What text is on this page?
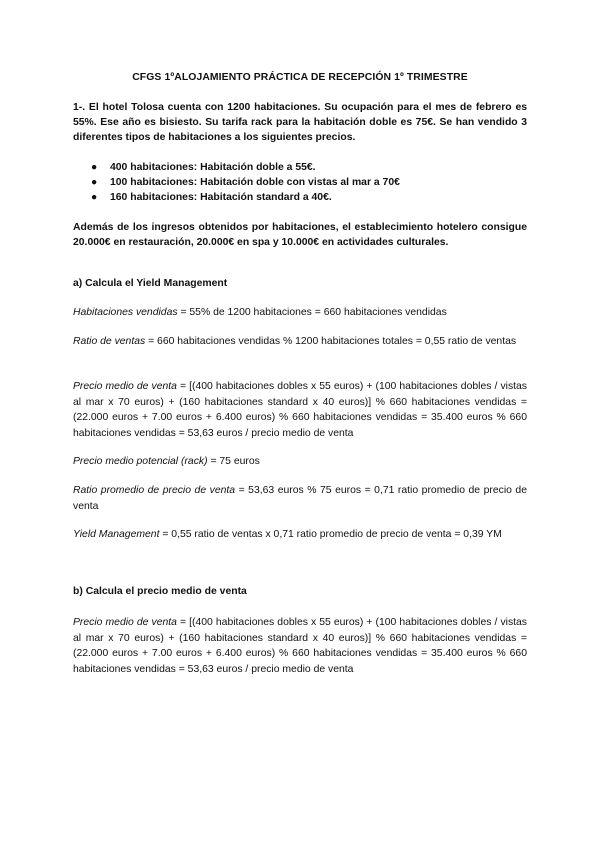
CFGS 1ºALOJAMIENTO PRÁCTICA DE RECEPCIÓN 1º TRIMESTRE
1-. El hotel Tolosa cuenta con 1200 habitaciones. Su ocupación para el mes de febrero es 55%. Ese año es bisiesto. Su tarifa rack para la habitación doble es 75€. Se han vendido 3 diferentes tipos de habitaciones a los siguientes precios.
● 400 habitaciones: Habitación doble a 55€.
● 100 habitaciones: Habitación doble con vistas al mar a 70€
● 160 habitaciones: Habitación standard a 40€.
Además de los ingresos obtenidos por habitaciones, el establecimiento hotelero consigue 20.000€ en restauración, 20.000€ en spa y 10.000€ en actividades culturales.
a) Calcula el Yield Management
Habitaciones vendidas = 55% de 1200 habitaciones = 660 habitaciones vendidas
Ratio de ventas = 660 habitaciones vendidas % 1200 habitaciones totales = 0,55 ratio de ventas
Precio medio de venta = [(400 habitaciones dobles x 55 euros) + (100 habitaciones dobles / vistas al mar x 70 euros) + (160 habitaciones standard x 40 euros)] % 660 habitaciones vendidas = (22.000 euros + 7.00 euros + 6.400 euros) % 660 habitaciones vendidas = 35.400 euros % 660 habitaciones vendidas = 53,63 euros / precio medio de venta
Precio medio potencial (rack) = 75 euros
Ratio promedio de precio de venta = 53,63 euros % 75 euros = 0,71 ratio promedio de precio de venta
Yield Management = 0,55 ratio de ventas x 0,71 ratio promedio de precio de venta = 0,39 YM
b) Calcula el precio medio de venta
Precio medio de venta = [(400 habitaciones dobles x 55 euros) + (100 habitaciones dobles / vistas al mar x 70 euros) + (160 habitaciones standard x 40 euros)] % 660 habitaciones vendidas = (22.000 euros + 7.00 euros + 6.400 euros) % 660 habitaciones vendidas = 35.400 euros % 660 habitaciones vendidas = 53,63 euros / precio medio de venta
